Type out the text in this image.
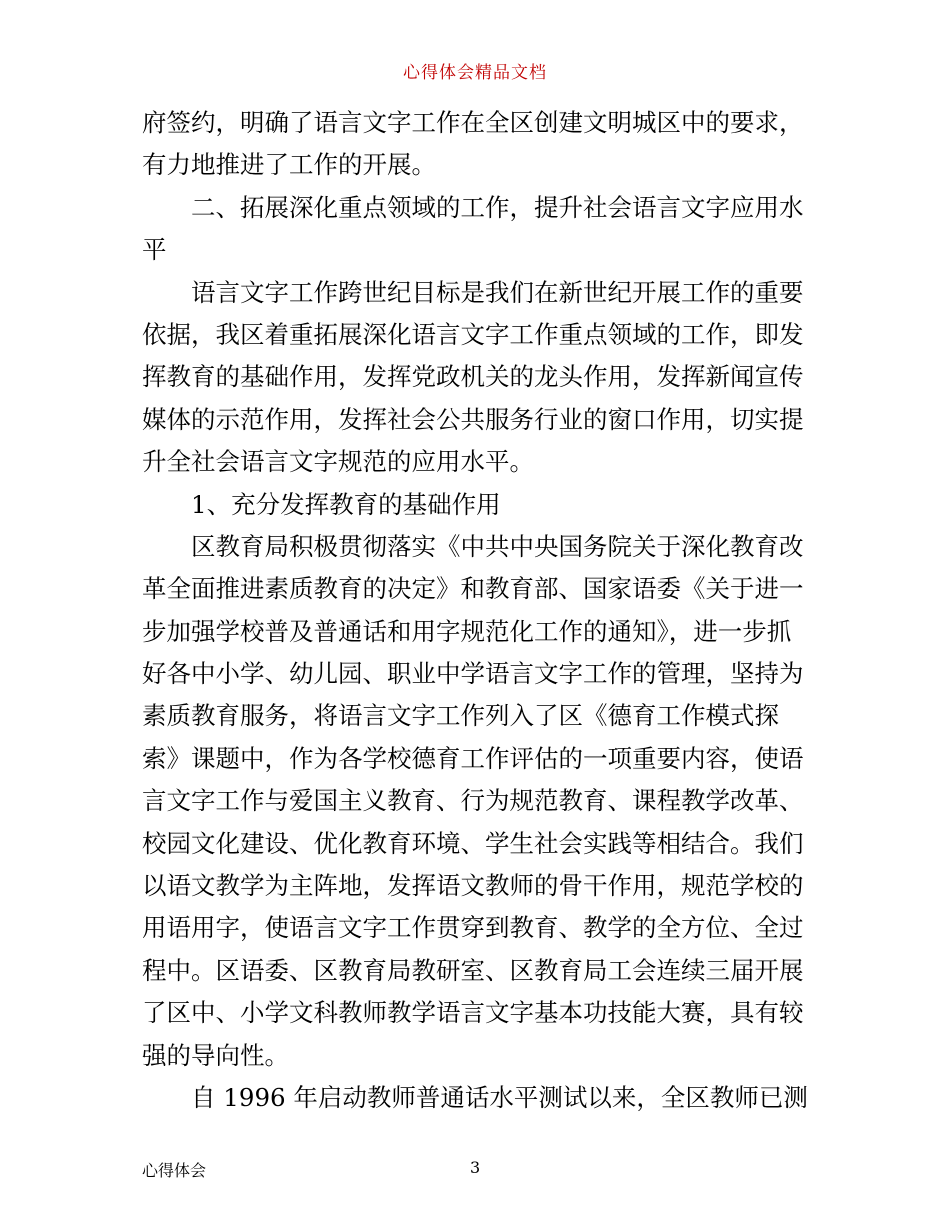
心得体会精品文档
府签约，明确了语言文字工作在全区创建文明城区中的要求，
有力地推进了工作的开展。
二、拓展深化重点领域的工作，提升社会语言文字应用水
平
语言文字工作跨世纪目标是我们在新世纪开展工作的重要
依据，我区着重拓展深化语言文字工作重点领域的工作，即发
挥教育的基础作用，发挥党政机关的龙头作用，发挥新闻宣传
媒体的示范作用，发挥社会公共服务行业的窗口作用，切实提
升全社会语言文字规范的应用水平。
1、充分发挥教育的基础作用
区教育局积极贯彻落实《中共中央国务院关于深化教育改
革全面推进素质教育的决定》和教育部、国家语委《关于进一
步加强学校普及普通话和用字规范化工作的通知》，进一步抓
好各中小学、幼儿园、职业中学语言文字工作的管理，坚持为
素质教育服务，将语言文字工作列入了区《德育工作模式探
索》课题中，作为各学校德育工作评估的一项重要内容，使语
言文字工作与爱国主义教育、行为规范教育、课程教学改革、
校园文化建设、优化教育环境、学生社会实践等相结合。我们
以语文教学为主阵地，发挥语文教师的骨干作用，规范学校的
用语用字，使语言文字工作贯穿到教育、教学的全方位、全过
程中。区语委、区教育局教研室、区教育局工会连续三届开展
了区中、小学文科教师教学语言文字基本功技能大赛，具有较
强的导向性。
自 1996 年启动教师普通话水平测试以来，全区教师已测
心得体会	3
